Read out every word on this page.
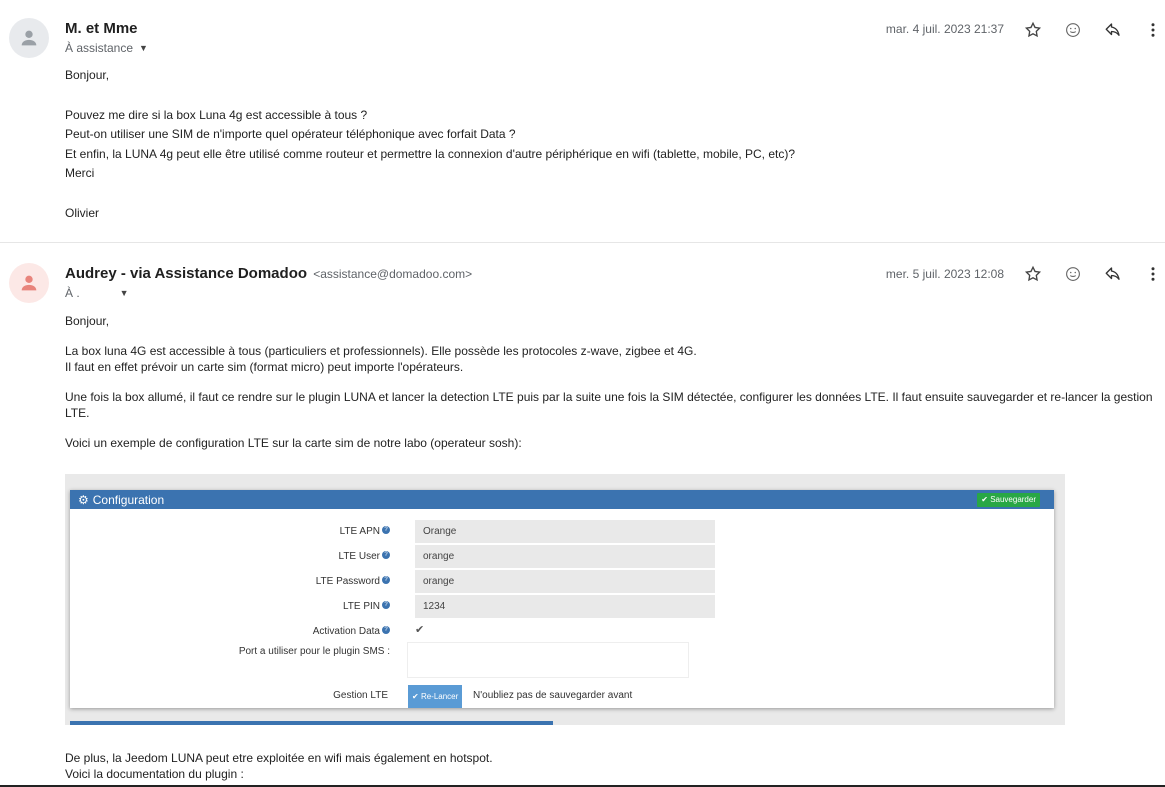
M. et Mme
À assistance ▼
mar. 4 juil. 2023 21:37

Bonjour,

Pouvez me dire si la box Luna 4g est accessible à tous ?

Peut-on utiliser une SIM de n'importe quel opérateur téléphonique avec forfait Data ?

Et enfin, la LUNA 4g peut elle être utilisé comme routeur et permettre la connexion d'autre périphérique en wifi (tablette, mobile, PC, etc)?

Merci

Olivier

Audrey - via Assistance Domadoo <assistance@domadoo.com>
À .	▼
mer. 5 juil. 2023 12:08

Bonjour,

La box luna 4G est accessible à tous (particuliers et professionnels). Elle possède les protocoles z-wave, zigbee et 4G.

Il faut en effet prévoir un carte sim (format micro) peut importe l'opérateurs.

Une fois la box allumé, il faut ce rendre sur le plugin LUNA et lancer la detection LTE puis par la suite une fois la SIM détectée, configurer les données LTE. Il faut ensuite sauvegarder et re-lancer la gestion LTE.

Voici un exemple de configuration LTE sur la carte sim de notre labo (operateur sosh):

⚙ Configuration	✔ Sauvegarder
LTE APN ?	Orange
LTE User ?	orange
LTE Password ?	orange
LTE PIN ?	1234
Activation Data ? ✔
Port a utiliser pour le plugin SMS :
Gestion LTE	✔ Re-Lancer	N'oubliez pas de sauvegarder avant

De plus, la Jeedom LUNA peut etre exploitée en wifi mais également en hotspot.

Voici la documentation du plugin :
